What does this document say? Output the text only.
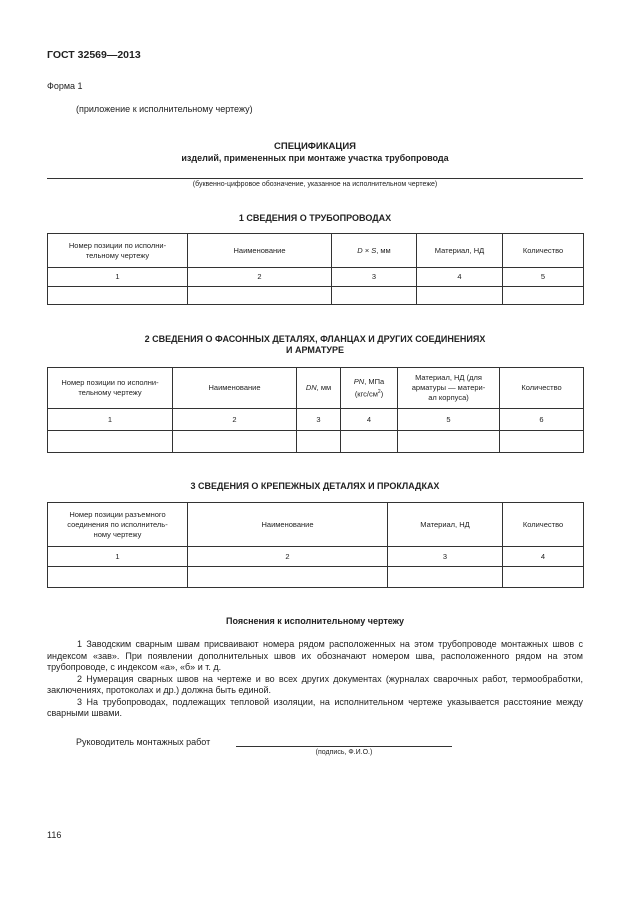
ГОСТ 32569—2013
Форма 1
(приложение к исполнительному чертежу)
СПЕЦИФИКАЦИЯ
изделий, примененных при монтаже участка трубопровода
(буквенно-цифровое обозначение, указанное на исполнительном чертеже)
1 СВЕДЕНИЯ О ТРУБОПРОВОДАХ
Номер позиции по исполни-
тельному чертежу	Наименование	D × S, мм	Материал, НД	Количество
1	2	3	4	5

2 СВЕДЕНИЯ О ФАСОННЫХ ДЕТАЛЯХ, ФЛАНЦАХ И ДРУГИХ СОЕДИНЕНИЯХ
И АРМАТУРЕ
Номер позиции по исполни-
тельному чертежу	Наименование	DN, мм	PN, МПа
$(кгс/см^2)$	Материал, НД (для
арматуры — матери-
ал корпуса)	Количество
1	2	3	4	5	6

3 СВЕДЕНИЯ О КРЕПЕЖНЫХ ДЕТАЛЯХ И ПРОКЛАДКАХ
Номер позиции разъемного
соединения по исполнитель-
ному чертежу	Наименование	Материал, НД	Количество
1	2	3	4

Пояснения к исполнительному чертежу

1 Заводским сварным швам присваивают номера рядом расположенных на этом трубопроводе монтажных швов с индексом «зав». При появлении дополнительных швов их обозначают номером шва, расположенного рядом на этом трубопроводе, с индексом «а», «б» и т. д.

2 Нумерация сварных швов на чертеже и во всех других документах (журналах сварочных работ, термообработки, заключениях, протоколах и др.) должна быть единой.

3 На трубопроводах, подлежащих тепловой изоляции, на исполнительном чертеже указывается расстояние между сварными швами.

Руководитель монтажных работ
(подпись, Ф.И.О.)
116
